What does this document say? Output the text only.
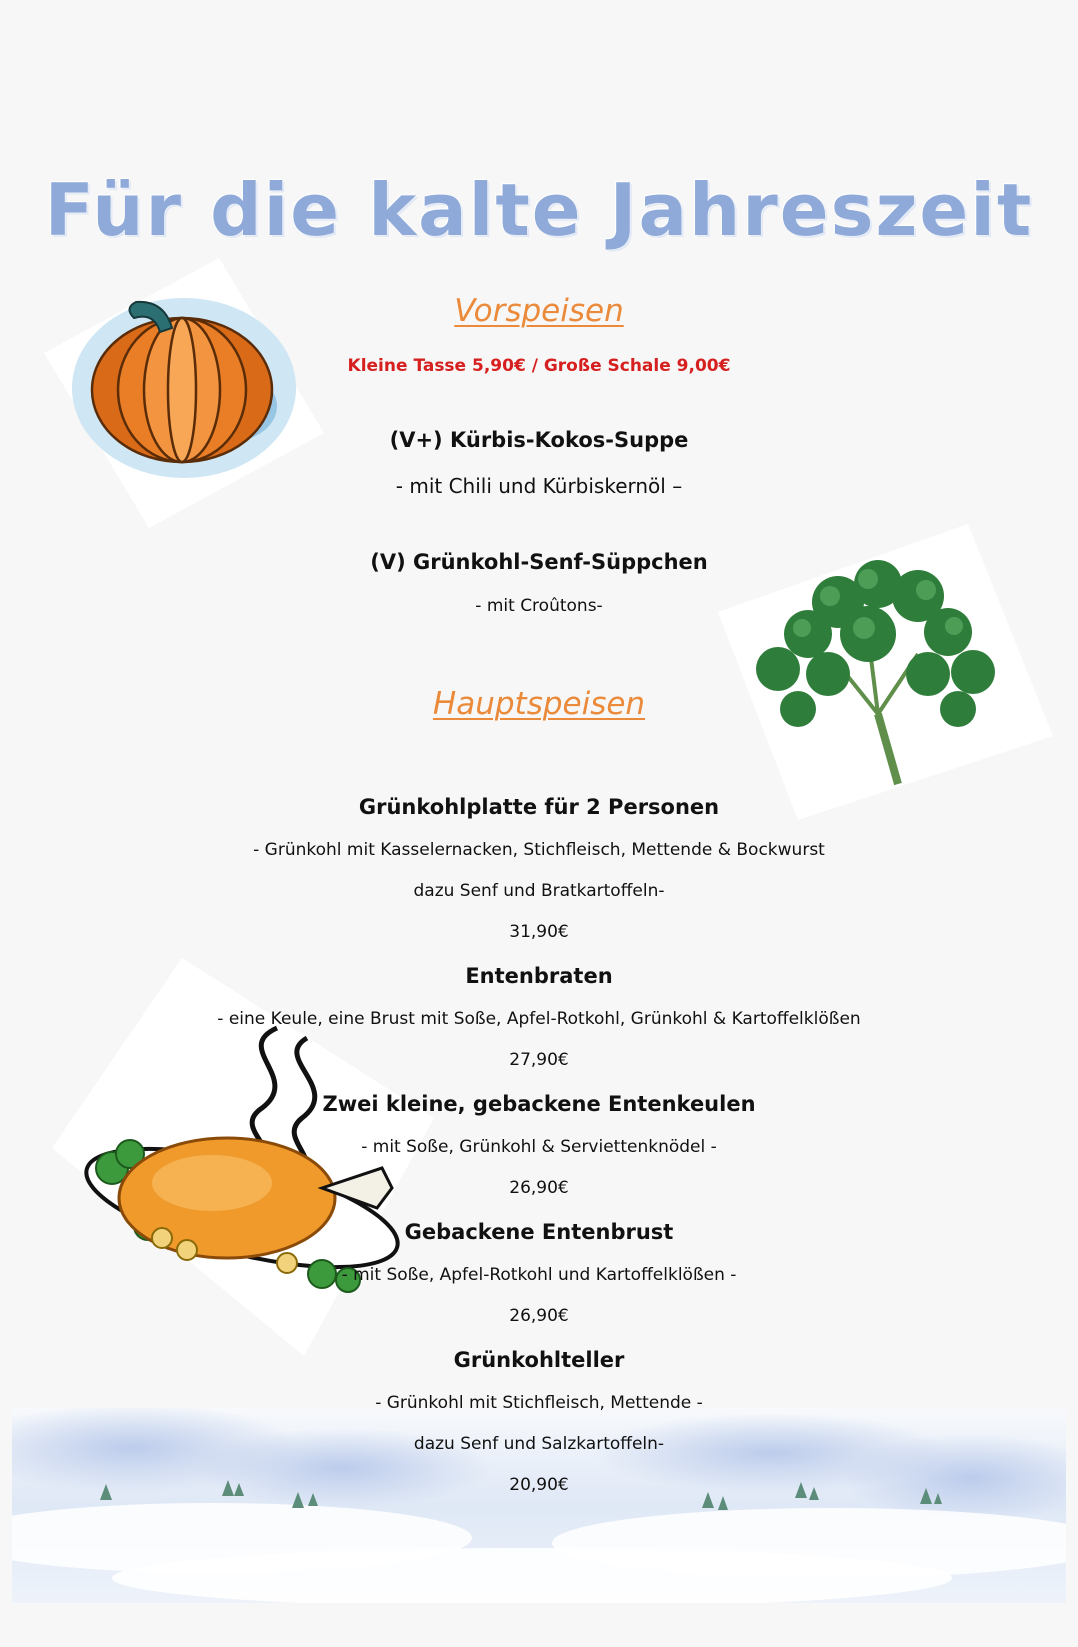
Für die kalte Jahreszeit
Vorspeisen
Kleine Tasse 5,90€ / Große Schale 9,00€
(V+) Kürbis-Kokos-Suppe
- mit Chili und Kürbiskernöl –
(V) Grünkohl-Senf-Süppchen
- mit Croûtons-
Hauptspeisen
Grünkohlplatte für 2 Personen
- Grünkohl mit Kasselernacken, Stichfleisch, Mettende & Bockwurst
dazu Senf und Bratkartoffeln-
31,90€
Entenbraten
- eine Keule, eine Brust mit Soße, Apfel-Rotkohl, Grünkohl & Kartoffelklößen
27,90€
Zwei kleine, gebackene Entenkeulen
- mit Soße, Grünkohl & Serviettenknödel -
26,90€
Gebackene Entenbrust
- mit Soße, Apfel-Rotkohl und Kartoffelklößen -
26,90€
Grünkohlteller
- Grünkohl mit Stichfleisch, Mettende -
dazu Senf und Salzkartoffeln-
20,90€
